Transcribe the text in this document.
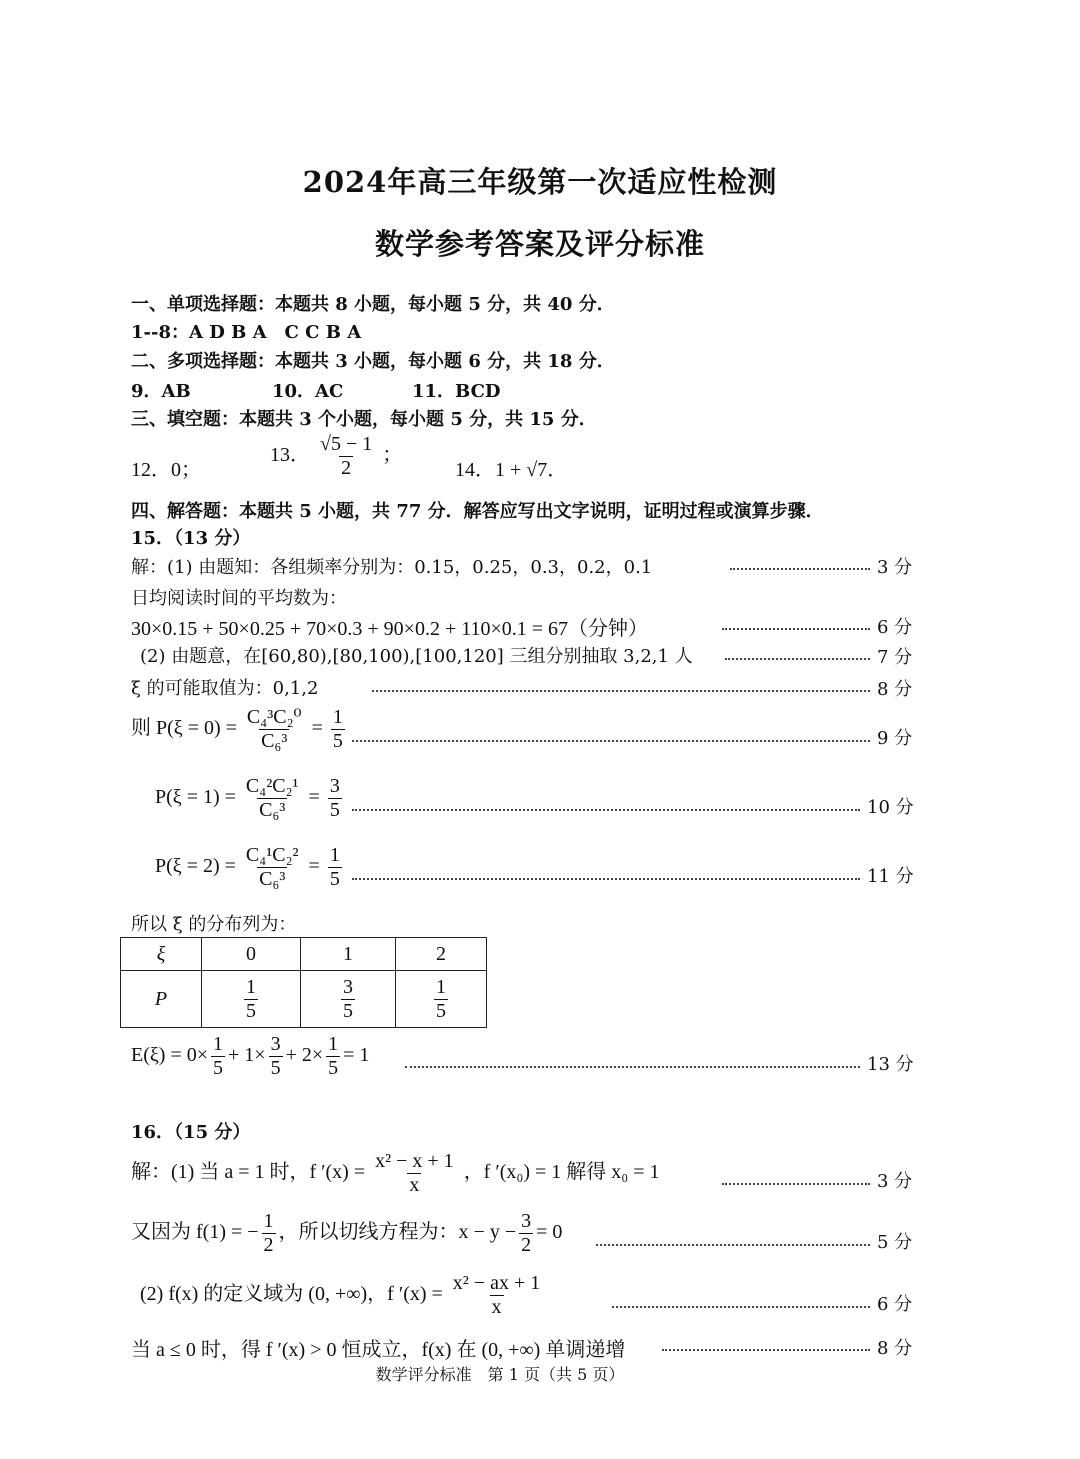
2024年高三年级第一次适应性检测
数学参考答案及评分标准
一、单项选择题：本题共 8 小题，每小题 5 分，共 40 分．
1--8：A D B A　C C B A
二、多项选择题：本题共 3 小题，每小题 6 分，共 18 分．
9．AB	10．AC	11．BCD
三、填空题：本题共 3 个小题，每小题 5 分，共 15 分．
12．0；
13． $\frac{√5 - 1}{2}$ ；
14．1 + √7．
四、解答题：本题共 5 小题，共 77 分．解答应写出文字说明，证明过程或演算步骤．
15．（13 分）
解：(1) 由题知：各组频率分别为：0.15，0.25，0.3，0.2，0.1	3 分
日均阅读时间的平均数为：
30×0.15 + 50×0.25 + 70×0.3 + 90×0.2 + 110×0.1 = 67（分钟）	6 分
(2) 由题意，在[60,80),[80,100),[100,120] 三组分别抽取 3,2,1 人	7 分
ξ 的可能取值为：0,1,2	8 分
则 $P(\xi = 0) = \frac{\text{C₄³C₂⁰}}{\text{C₆³}} = \frac{1}{5}$	9 分
$P(\xi = 1) = \frac{\text{C₄²C₂¹}}{\text{C₆³}} = \frac{3}{5}$	10 分
$P(\xi = 2) = \frac{\text{C₄¹C₂²}}{\text{C₆³}} = \frac{1}{5}$	11 分
所以 ξ 的分布列为：
ξ	0	1	2
P	$\frac{1}{5}$	$\frac{3}{5}$	$\frac{1}{5}$
$E(\xi) = 0\times \frac{1}{5} + 1\times \frac{3}{5} + 2\times \frac{1}{5} = 1$	13 分
16．（15 分）
解：(1) 当 a = 1 时，f $'(x) = \frac{\text{x² − x + 1}}{x}$ ，f ′(x₀) = 1 解得 x₀ = 1	3 分
又因为 f(1) = − $\frac{1}{2}$ ，所以切线方程为：$x - y - \frac{3}{2} = 0$	5 分
(2) f(x) 的定义域为 (0, +∞)，f $'(x) = \frac{\text{x² − ax + 1}}{x}$	6 分
当 a ≤ 0 时，得 f ′(x) > 0 恒成立，f(x) 在 (0, +∞) 单调递增	8 分
数学评分标准　第 1 页（共 5 页）
